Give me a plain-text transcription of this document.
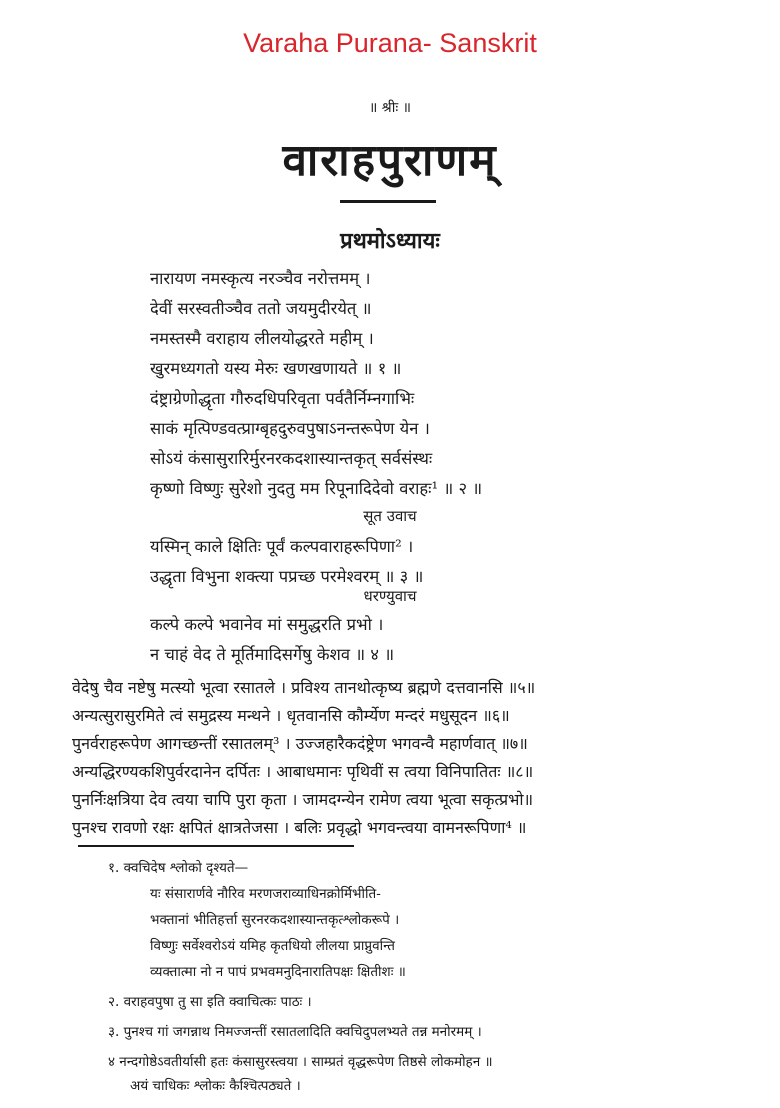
Varaha Purana- Sanskrit
॥ श्रीः ॥
वाराहपुराणम्
प्रथमोऽध्यायः
नारायण नमस्कृत्य नरञ्चैव नरोत्तमम् ।
देवीं सरस्वतीञ्चैव ततो जयमुदीरयेत् ॥
नमस्तस्मै वराहाय लीलयोद्धरते महीम् ।
खुरमध्यगतो यस्य मेरुः खणखणायते ॥ १ ॥
दंष्ट्राग्रेणोद्धृता गौरुदधिपरिवृता पर्वतैर्निम्नगाभिः
साकं मृत्पिण्डवत्प्राग्बृहदुरुवपुषाऽनन्तरूपेण येन ।
सोऽयं कंसासुरारिर्मुरनरकदशास्यान्तकृत् सर्वसंस्थः
कृष्णो विष्णुः सुरेशो नुदतु मम रिपूनादिदेवो वराहः¹ ॥ २ ॥
सूत उवाच
यस्मिन् काले क्षितिः पूर्वं कल्पवाराहरूपिणा² ।
उद्धृता विभुना शक्त्या पप्रच्छ परमेश्वरम् ॥ ३ ॥
धरण्युवाच
कल्पे कल्पे भवानेव मां समुद्धरति प्रभो ।
न चाहं वेद ते मूर्तिमादिसर्गेषु केशव ॥ ४ ॥
वेदेषु चैव नष्टेषु मत्स्यो भूत्वा रसातले । प्रविश्य तानथोत्कृष्य ब्रह्मणे दत्तवानसि ॥५॥
अन्यत्सुरासुरमिते त्वं समुद्रस्य मन्थने । धृतवानसि कौर्म्येण मन्दरं मधुसूदन ॥६॥
पुनर्वराहरूपेण आगच्छन्तीं रसातलम्³ । उज्जहारैकदंष्ट्रेण भगवन्वै महार्णवात् ॥७॥
अन्यद्धिरण्यकशिपुर्वरदानेन दर्पितः । आबाधमानः पृथिवीं स त्वया विनिपातितः ॥८॥
पुनर्निःक्षत्रिया देव त्वया चापि पुरा कृता । जामदग्न्येन रामेण त्वया भूत्वा सकृत्प्रभो॥
पुनश्च रावणो रक्षः क्षपितं क्षात्रतेजसा । बलिः प्रवृद्धो भगवन्त्वया वामनरूपिणा⁴ ॥
१. क्वचिदेष श्लोको दृश्यते—
यः संसारार्णवे नौरिव मरणजराव्याधिनक्रोर्मिभीति-
भक्तानां भीतिहर्त्ता सुरनरकदशास्यान्तकृत्श्लोकरूपे ।
विष्णुः सर्वेश्वरोऽयं यमिह कृतधियो लीलया प्राप्नुवन्ति
व्यक्तात्मा नो न पापं प्रभवमनुदिनारातिपक्षः क्षितीशः ॥
२. वराहवपुषा तु सा इति क्वाचित्कः पाठः ।
३. पुनश्च गां जगन्नाथ निमज्जन्तीं रसातलादिति क्वचिदुपलभ्यते तन्न मनोरमम् ।
४ नन्दगोष्ठेऽवतीर्यासी हतः कंसासुरस्त्वया । साम्प्रतं वृद्धरूपेण तिष्ठसे लोकमोहन ॥
अयं चाधिकः श्लोकः कैश्चित्पठ्यते ।
